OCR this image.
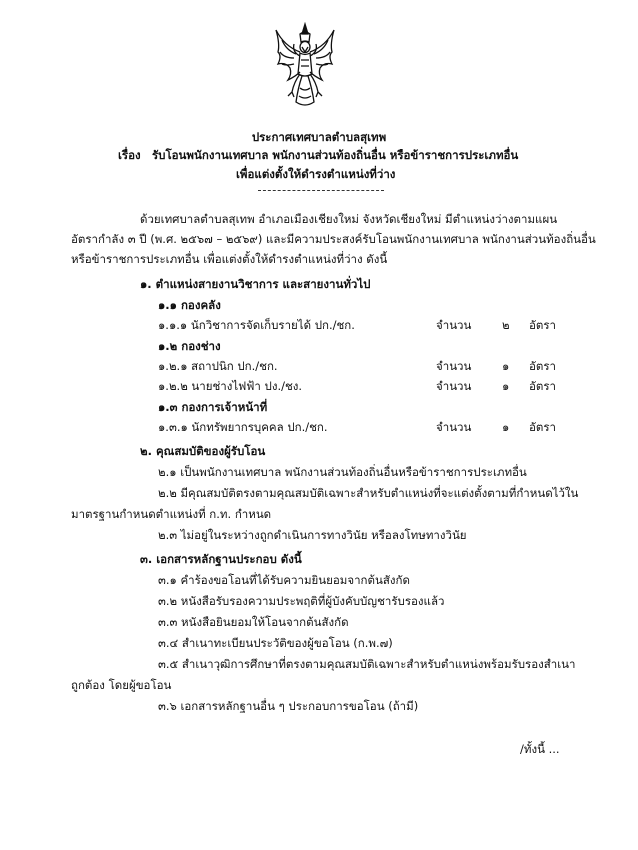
ประกาศเทศบาลตำบลสุเทพ
เรื่อง รับโอนพนักงานเทศบาล พนักงานส่วนท้องถิ่นอื่น หรือข้าราชการประเภทอื่น
เพื่อแต่งตั้งให้ดำรงตำแหน่งที่ว่าง
ด้วยเทศบาลตำบลสุเทพ อำเภอเมืองเชียงใหม่ จังหวัดเชียงใหม่ มีตำแหน่งว่างตามแผน
อัตรากำลัง ๓ ปี (พ.ศ. ๒๕๖๗ – ๒๕๖๙) และมีความประสงค์รับโอนพนักงานเทศบาล พนักงานส่วนท้องถิ่นอื่น
หรือข้าราชการประเภทอื่น เพื่อแต่งตั้งให้ดำรงตำแหน่งที่ว่าง ดังนี้
๑. ตำแหน่งสายงานวิชาการ และสายงานทั่วไป
๑.๑ กองคลัง
๑.๑.๑ นักวิชาการจัดเก็บรายได้ ปก./ชก.	จำนวน	๒ อัตรา
๑.๒ กองช่าง
๑.๒.๑ สถาปนิก ปก./ชก.	จำนวน	๑ อัตรา
๑.๒.๒ นายช่างไฟฟ้า ปง./ชง.	จำนวน	๑ อัตรา
๑.๓ กองการเจ้าหน้าที่
๑.๓.๑ นักทรัพยากรบุคคล ปก./ชก.	จำนวน	๑ อัตรา
๒. คุณสมบัติของผู้รับโอน
๒.๑ เป็นพนักงานเทศบาล พนักงานส่วนท้องถิ่นอื่นหรือข้าราชการประเภทอื่น
๒.๒ มีคุณสมบัติตรงตามคุณสมบัติเฉพาะสำหรับตำแหน่งที่จะแต่งตั้งตามที่กำหนดไว้ใน
มาตรฐานกำหนดตำแหน่งที่ ก.ท. กำหนด
๒.๓ ไม่อยู่ในระหว่างถูกดำเนินการทางวินัย หรือลงโทษทางวินัย
๓. เอกสารหลักฐานประกอบ ดังนี้
๓.๑ คำร้องขอโอนที่ได้รับความยินยอมจากต้นสังกัด
๓.๒ หนังสือรับรองความประพฤติที่ผู้บังคับบัญชารับรองแล้ว
๓.๓ หนังสือยินยอมให้โอนจากต้นสังกัด
๓.๔ สำเนาทะเบียนประวัติของผู้ขอโอน (ก.พ.๗)
๓.๕ สำเนาวุฒิการศึกษาที่ตรงตามคุณสมบัติเฉพาะสำหรับตำแหน่งพร้อมรับรองสำเนา
ถูกต้อง โดยผู้ขอโอน
๓.๖ เอกสารหลักฐานอื่น ๆ ประกอบการขอโอน (ถ้ามี)
/ทั้งนี้ ...
